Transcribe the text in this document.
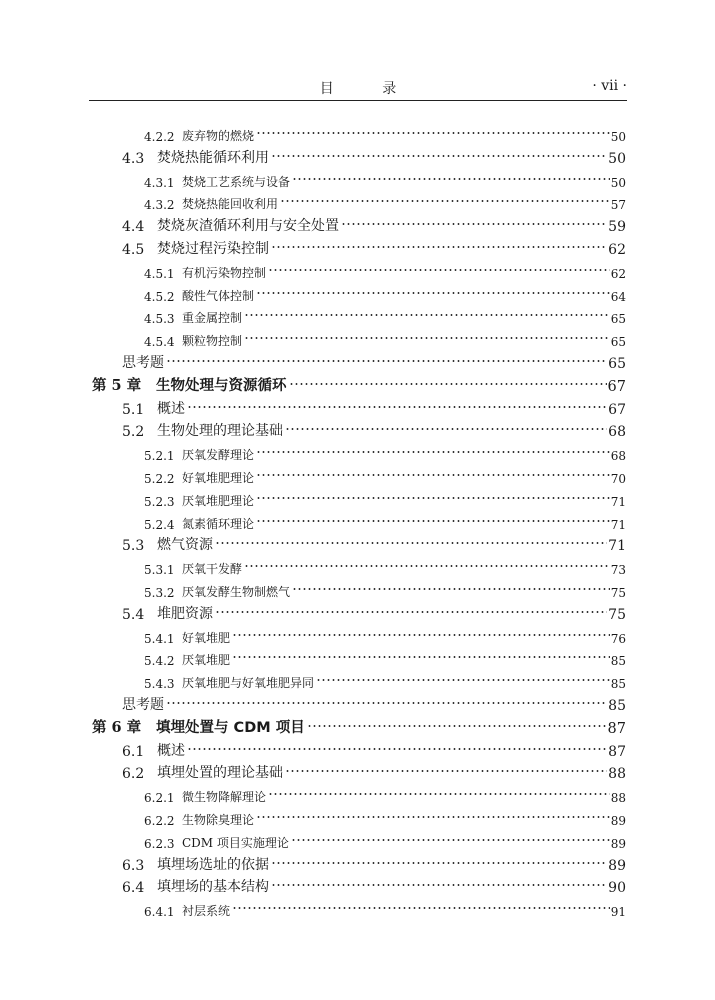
目 录	· vii ·
4.2.2 废弃物的燃烧	50
4.3 焚烧热能循环利用	50
4.3.1 焚烧工艺系统与设备	50
4.3.2 焚烧热能回收利用	57
4.4 焚烧灰渣循环利用与安全处置	59
4.5 焚烧过程污染控制	62
4.5.1 有机污染物控制	62
4.5.2 酸性气体控制	64
4.5.3 重金属控制	65
4.5.4 颗粒物控制	65
思考题	65
第 5 章	生物处理与资源循环	67
5.1 概述	67
5.2 生物处理的理论基础	68
5.2.1 厌氧发酵理论	68
5.2.2 好氧堆肥理论	70
5.2.3 厌氧堆肥理论	71
5.2.4 氮素循环理论	71
5.3 燃气资源	71
5.3.1 厌氧干发酵	73
5.3.2 厌氧发酵生物制燃气	75
5.4 堆肥资源	75
5.4.1 好氧堆肥	76
5.4.2 厌氧堆肥	85
5.4.3 厌氧堆肥与好氧堆肥异同	85
思考题	85
第 6 章	填埋处置与 CDM 项目	87
6.1 概述	87
6.2 填埋处置的理论基础	88
6.2.1 微生物降解理论	88
6.2.2 生物除臭理论	89
6.2.3 CDM 项目实施理论	89
6.3 填埋场选址的依据	89
6.4 填埋场的基本结构	90
6.4.1 衬层系统	91
